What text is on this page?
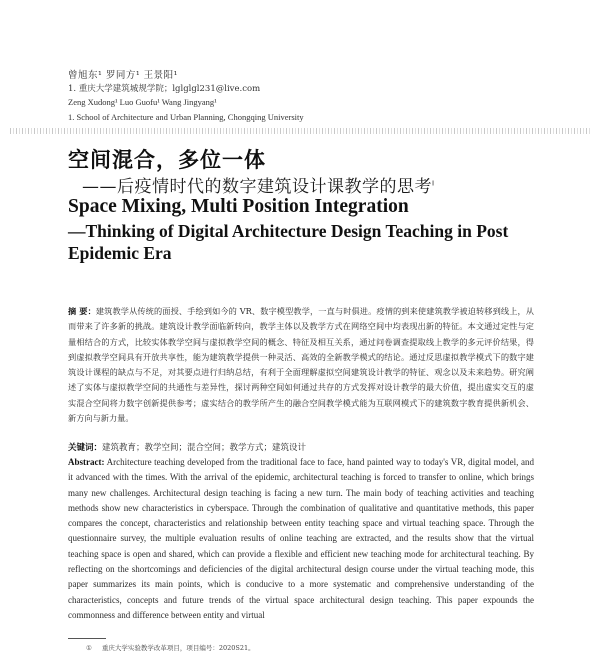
曾旭东¹ 罗同方¹ 王景阳¹
1. 重庆大学建筑城规学院；lglglgl231@live.com
Zeng Xudong¹ Luo Guofu¹ Wang Jingyang¹
1. School of Architecture and Urban Planning, Chongqing University
空间混合，多位一体
——后疫情时代的数字建筑设计课教学的思考$^Ⅰ$
Space Mixing, Multi Position Integration
—Thinking of Digital Architecture Design Teaching in Post Epidemic Era
摘 要：建筑教学从传统的面授、手绘到如今的 VR、数字模型教学，一直与时俱进。疫情的到来使建筑教学被迫转移到线上，从而带来了许多新的挑战。建筑设计教学面临新转向，教学主体以及教学方式在网络空间中均表现出新的特征。本文通过定性与定量相结合的方式，比较实体教学空间与虚拟教学空间的概念、特征及相互关系，通过问卷调查提取线上教学的多元评价结果，得到虚拟教学空间具有开放共享性，能为建筑教学提供一种灵活、高效的全新教学模式的结论。通过反思虚拟教学模式下的数字建筑设计课程的缺点与不足，对其要点进行归纳总结，有利于全面理解虚拟空间建筑设计教学的特征、观念以及未来趋势。研究阐述了实体与虚拟教学空间的共通性与差异性，探讨两种空间如何通过共存的方式发挥对设计教学的最大价值，提出虚实交互的虚实混合空间将力数字创新提供参考；虚实结合的教学所产生的融合空间教学模式能为互联网模式下的建筑数字教育提供新机会、新方向与新力量。
关键词：建筑教育；教学空间；混合空间；教学方式；建筑设计
Abstract: Architecture teaching developed from the traditional face to face, hand painted way to today's VR, digital model, and it advanced with the times. With the arrival of the epidemic, architectural teaching is forced to transfer to online, which brings many new challenges. Architectural design teaching is facing a new turn. The main body of teaching activities and teaching methods show new characteristics in cyberspace. Through the combination of qualitative and quantitative methods, this paper compares the concept, characteristics and relationship between entity teaching space and virtual teaching space. Through the questionnaire survey, the multiple evaluation results of online teaching are extracted, and the results show that the virtual teaching space is open and shared, which can provide a flexible and efficient new teaching mode for architectural teaching. By reflecting on the shortcomings and deficiencies of the digital architectural design course under the virtual teaching mode, this paper summarizes its main points, which is conducive to a more systematic and comprehensive understanding of the characteristics, concepts and future trends of the virtual space architectural design teaching. This paper expounds the commonness and difference between entity and virtual
① 重庆大学实验教学改革项目，项目编号：2020S21。
